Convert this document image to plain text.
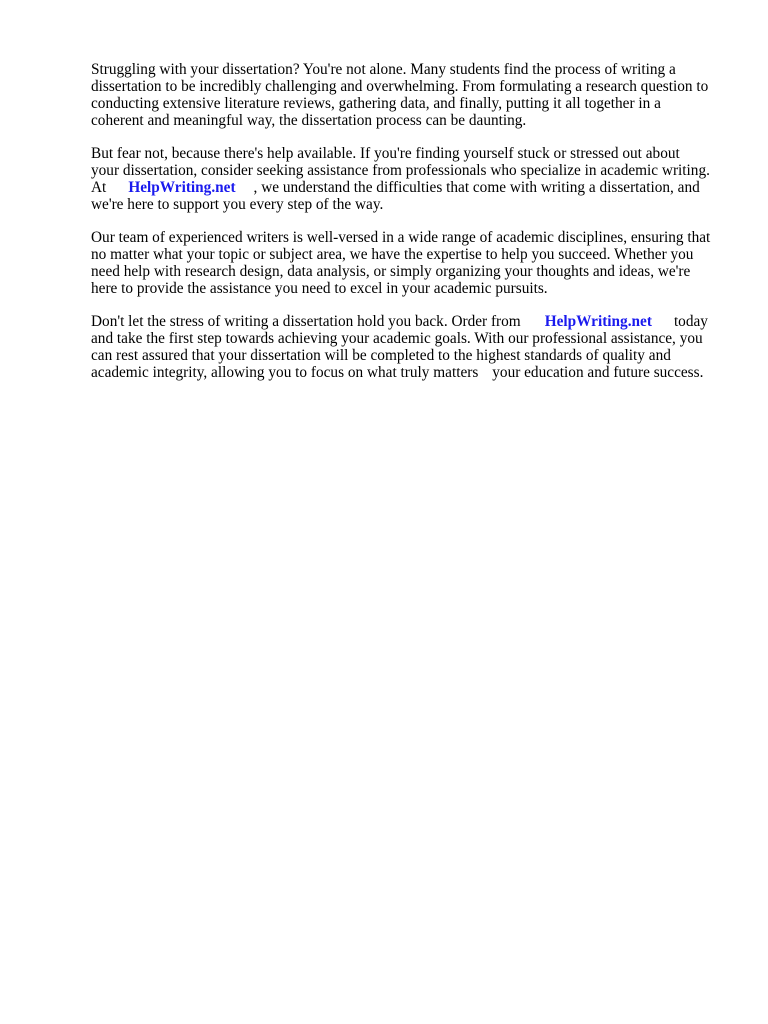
Struggling with your dissertation? You're not alone. Many students find the process of writing a
dissertation to be incredibly challenging and overwhelming. From formulating a research question to
conducting extensive literature reviews, gathering data, and finally, putting it all together in a
coherent and meaningful way, the dissertation process can be daunting.
But fear not, because there's help available. If you're finding yourself stuck or stressed out about
your dissertation, consider seeking assistance from professionals who specialize in academic writing.
At HelpWriting.net , we understand the difficulties that come with writing a dissertation, and
we're here to support you every step of the way.
Our team of experienced writers is well-versed in a wide range of academic disciplines, ensuring that
no matter what your topic or subject area, we have the expertise to help you succeed. Whether you
need help with research design, data analysis, or simply organizing your thoughts and ideas, we're
here to provide the assistance you need to excel in your academic pursuits.
Don't let the stress of writing a dissertation hold you back. Order from HelpWriting.net today
and take the first step towards achieving your academic goals. With our professional assistance, you
can rest assured that your dissertation will be completed to the highest standards of quality and
academic integrity, allowing you to focus on what truly matters your education and future success.
